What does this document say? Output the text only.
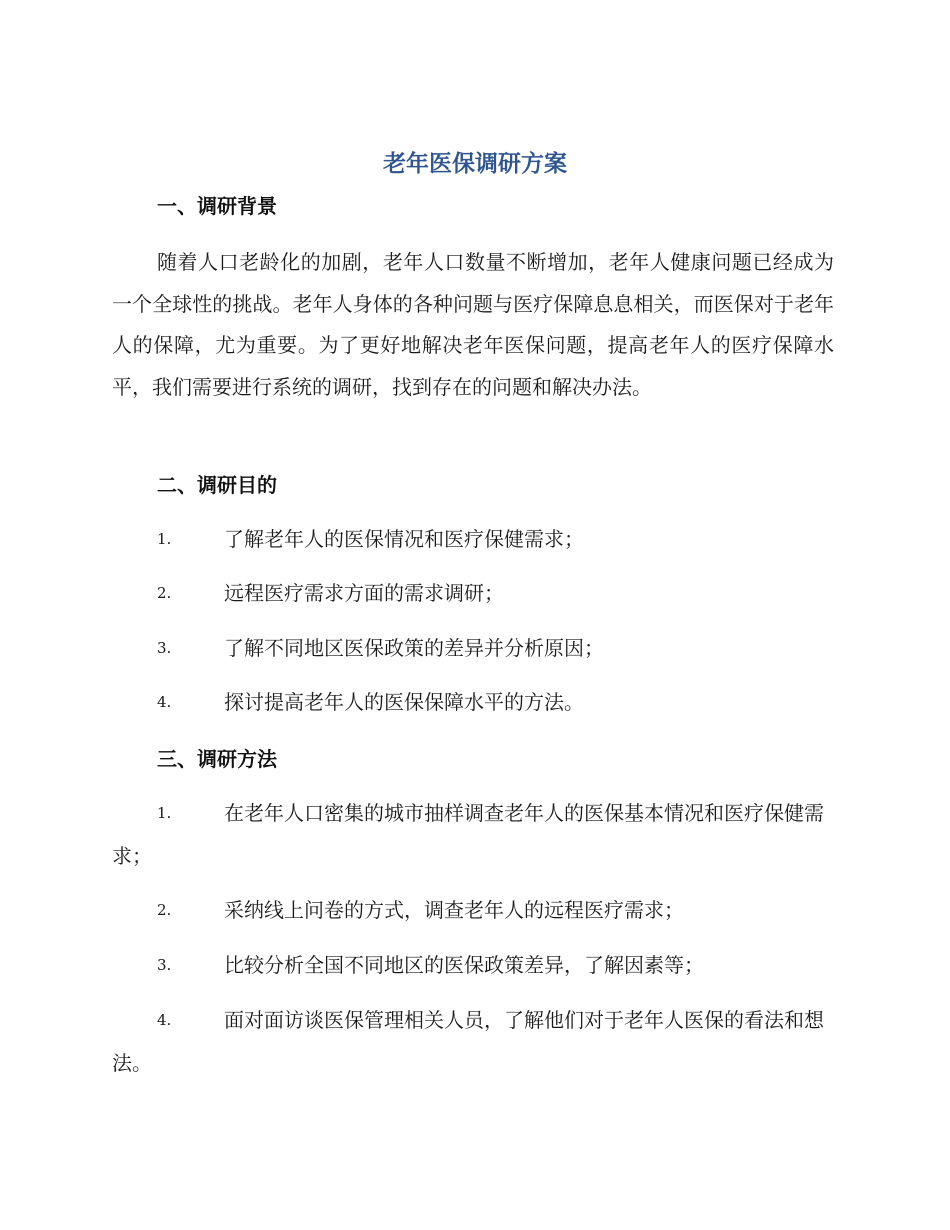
老年医保调研方案
一、调研背景
随着人口老龄化的加剧，老年人口数量不断增加，老年人健康问题已经成为一个全球性的挑战。老年人身体的各种问题与医疗保障息息相关，而医保对于老年人的保障，尤为重要。为了更好地解决老年医保问题，提高老年人的医疗保障水平，我们需要进行系统的调研，找到存在的问题和解决办法。
二、调研目的
1.	了解老年人的医保情况和医疗保健需求；
2.	远程医疗需求方面的需求调研；
3.	了解不同地区医保政策的差异并分析原因；
4.	探讨提高老年人的医保保障水平的方法。
三、调研方法
1.	在老年人口密集的城市抽样调查老年人的医保基本情况和医疗保健需求；
2.	采纳线上问卷的方式，调查老年人的远程医疗需求；
3.	比较分析全国不同地区的医保政策差异，了解因素等；
4.	面对面访谈医保管理相关人员，了解他们对于老年人医保的看法和想法。
